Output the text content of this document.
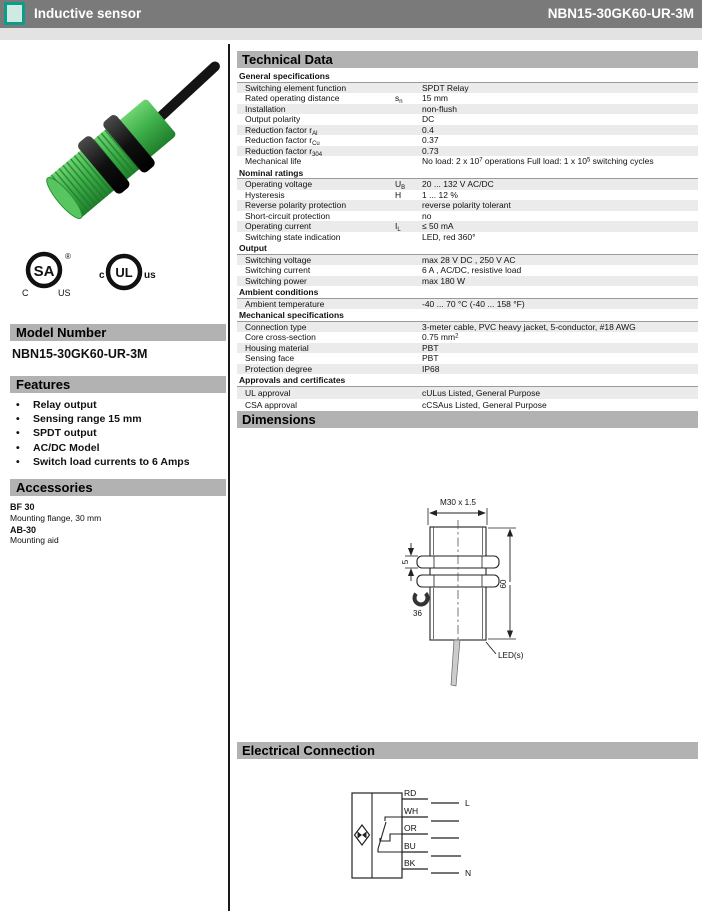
Inductive sensor	NBN15-30GK60-UR-3M
SA
®
C	US
UL
c	us
Model Number
NBN15-30GK60-UR-3M
Features
• Relay output
• Sensing range 15 mm
• SPDT output
• AC/DC Model
• Switch load currents to 6 Amps
Accessories
BF 30
Mounting flange, 30 mm
AB-30
Mounting aid
Technical Data
General specifications
Switching element function	SPDT Relay
Rated operating distance	$s_n$	15 mm
Installation	non-flush
Output polarity	DC
Reduction factor $r_{Al}$	0.4
Reduction factor $r_{Cu}$	0.37
Reduction factor $r_{304}$	0.73
Mechanical life	No load: 2 x $10^7$ operations Full load: 1 x $10^5$ switching cycles
Nominal ratings
Operating voltage	$U_B$	20 ... 132 V AC/DC
Hysteresis	H	1 ... 12 %
Reverse polarity protection	reverse polarity tolerant
Short-circuit protection	no
Operating current	$I_L$	≤ 50 mA
Switching state indication	LED, red 360°
Output
Switching voltage	max 28 V DC , 250 V AC
Switching current	6 A , AC/DC, resistive load
Switching power	max 180 W
Ambient conditions
Ambient temperature	-40 ... 70 °C (-40 ... 158 °F)
Mechanical specifications
Connection type	3-meter cable, PVC heavy jacket, 5-conductor, #18 AWG
Core cross-section	0.75 $mm^2$
Housing material	PBT
Sensing face	PBT
Protection degree	IP68
Approvals and certificates
UL approval	cULus Listed, General Purpose
CSA approval	cCSAus Listed, General Purpose
Dimensions
M30 x 1.5
5
36
60
LED(s)
Electrical Connection
RD
WH
OR
BU
BK
L
N
